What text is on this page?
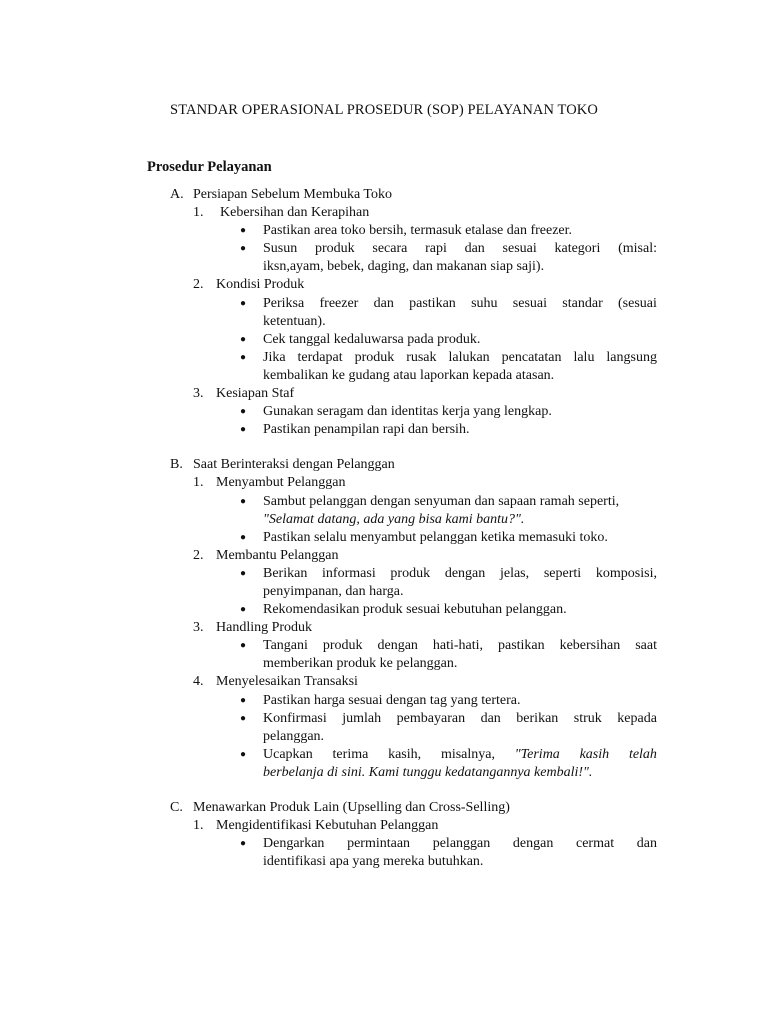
STANDAR OPERASIONAL PROSEDUR (SOP) PELAYANAN TOKO
Prosedur Pelayanan
A. Persiapan Sebelum Membuka Toko
1. Kebersihan dan Kerapihan
● Pastikan area toko bersih, termasuk etalase dan freezer.
● Susun produk secara rapi dan sesuai kategori (misal:
iksn,ayam, bebek, daging, dan makanan siap saji).
2. Kondisi Produk
● Periksa freezer dan pastikan suhu sesuai standar (sesuai
ketentuan).
● Cek tanggal kedaluwarsa pada produk.
● Jika terdapat produk rusak lalukan pencatatan lalu langsung
kembalikan ke gudang atau laporkan kepada atasan.
3. Kesiapan Staf
● Gunakan seragam dan identitas kerja yang lengkap.
● Pastikan penampilan rapi dan bersih.
B. Saat Berinteraksi dengan Pelanggan
1. Menyambut Pelanggan
● Sambut pelanggan dengan senyuman dan sapaan ramah seperti,
"Selamat datang, ada yang bisa kami bantu?".
● Pastikan selalu menyambut pelanggan ketika memasuki toko.
2. Membantu Pelanggan
● Berikan informasi produk dengan jelas, seperti komposisi,
penyimpanan, dan harga.
● Rekomendasikan produk sesuai kebutuhan pelanggan.
3. Handling Produk
● Tangani produk dengan hati-hati, pastikan kebersihan saat
memberikan produk ke pelanggan.
4. Menyelesaikan Transaksi
● Pastikan harga sesuai dengan tag yang tertera.
● Konfirmasi jumlah pembayaran dan berikan struk kepada
pelanggan.
● Ucapkan terima kasih, misalnya, "Terima kasih telah
berbelanja di sini. Kami tunggu kedatangannya kembali!".
C. Menawarkan Produk Lain (Upselling dan Cross-Selling)
1. Mengidentifikasi Kebutuhan Pelanggan
● Dengarkan permintaan pelanggan dengan cermat dan
identifikasi apa yang mereka butuhkan.
